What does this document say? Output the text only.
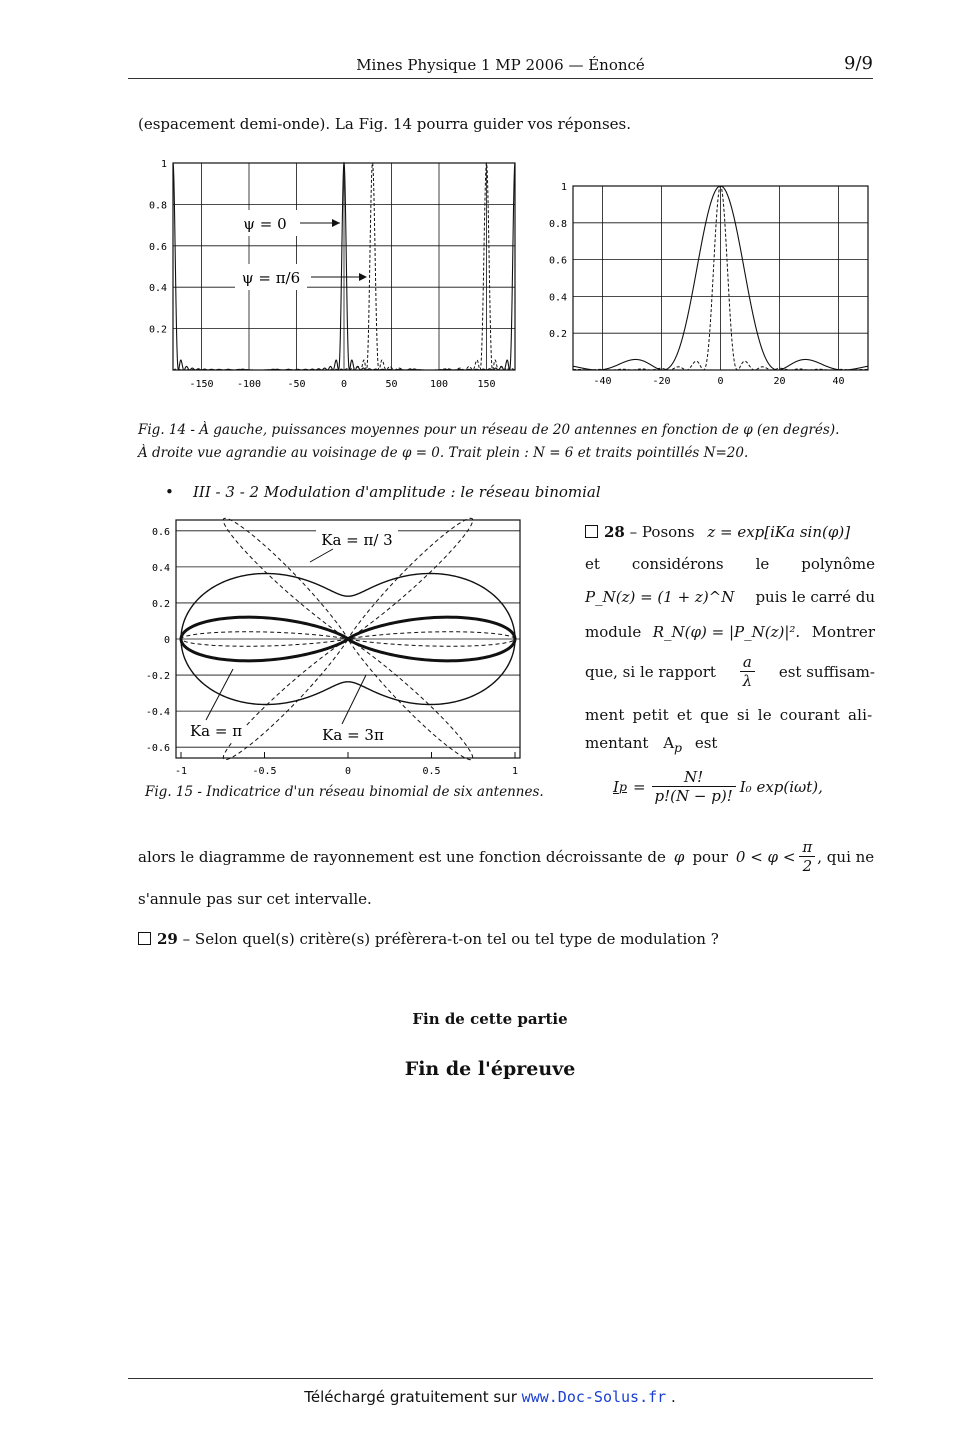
Mines Physique 1 MP 2006 — Énoncé	9/9
(espacement demi-onde). La Fig. 14 pourra guider vos réponses.
-150 -100	-50	0	50	100	150
1
0.8
0.6
0.4
0.2
ψ = 0
ψ = π/6
-40	-20	0	20	40
1
0.8
0.6
0.4
0.2
Fig. 14 - À gauche, puissances moyennes pour un réseau de 20 antennes en fonction de φ (en degrés).
À droite vue agrandie au voisinage de φ = 0. Trait plein : N = 6 et traits pointillés N=20.
• III - 3 - 2 Modulation d'amplitude : le réseau binomial
-1	-0.5	0	0.5	1
0.6
0.4
0.2
0
-0.2
-0.4
-0.6
Ka = π/ 3
Ka = π	Ka = 3π
Fig. 15 - Indicatrice d'un réseau binomial de six antennes.
28 – Posons z = exp[iKa sin(φ)]
et considérons le polynôme
P_N(z) = (1 + z)^N puis le carré du
module R_N(φ) = |P_N(z)|². Montrer
que, si le rapport $\frac{a}{\lambda}$ est suffisam-
ment petit et que si le courant ali-
mentant $A_p$ est
I $p = \frac{N!}{p!(N - p)!} I_0$ exp(iωt),
alors le diagramme de rayonnement est une fonction décroissante de φ pour $0 < \varphi < \frac{\pi}{2}$ , qui ne
s'annule pas sur cet intervalle.
29 – Selon quel(s) critère(s) préfèrera-t-on tel ou tel type de modulation ?
Fin de cette partie
Fin de l'épreuve
Téléchargé gratuitement sur www.Doc-Solus.fr .
